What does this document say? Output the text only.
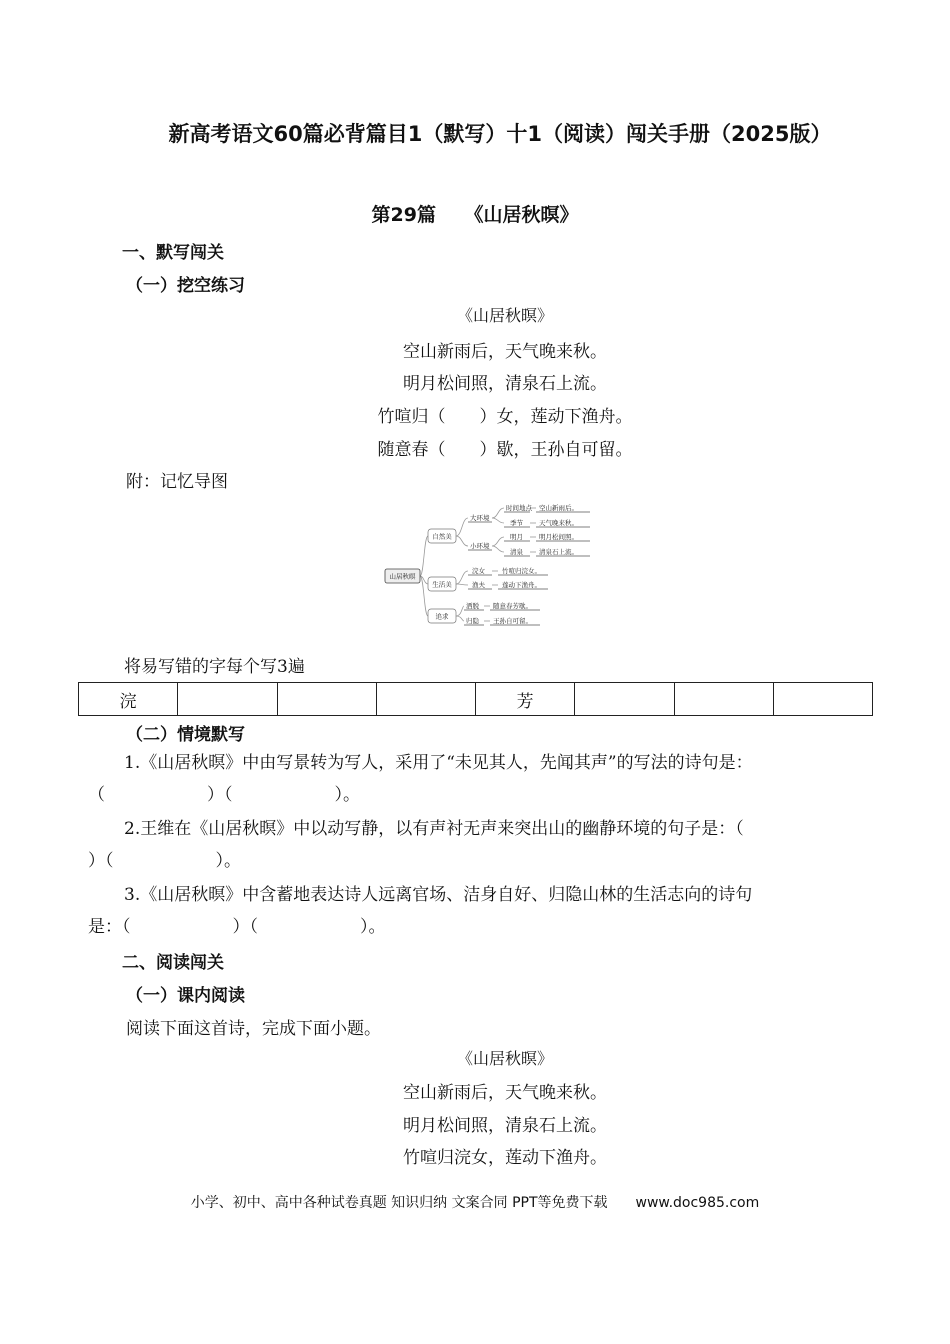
新高考语文60篇必背篇目1（默写）十1（阅读）闯关手册（2025版）
第29篇　　《山居秋暝》
一、默写闯关
（一）挖空练习
《山居秋暝》
空山新雨后，天气晚来秋。
明月松间照，清泉石上流。
竹喧归（　　）女，莲动下渔舟。
随意春（　　）歇，王孙自可留。
附：记忆导图
山居秋暝
自然美
生活美
追求
大环境
小环境
时间地点
季节
明月
清泉
空山新雨后。
天气晚来秋。
明月松间照。
清泉石上流。
浣女
渔夫
竹喧归浣女。
莲动下渔舟。
洒脱
归隐
随意春芳歇。
王孙自可留。
将易写错的字每个写3遍
浣				芳			
（二）情境默写
1.《山居秋暝》中由写景转为写人，采用了“未见其人，先闻其声”的写法的诗句是：
（　　　　　　）（　　　　　　）。
2.王维在《山居秋暝》中以动写静，以有声衬无声来突出山的幽静环境的句子是：（
）（　　　　　　）。
3.《山居秋暝》中含蓄地表达诗人远离官场、洁身自好、归隐山林的生活志向的诗句
是：（　　　　　　）（　　　　　　）。
二、阅读闯关
（一）课内阅读
阅读下面这首诗，完成下面小题。
《山居秋暝》
空山新雨后，天气晚来秋。
明月松间照，清泉石上流。
竹喧归浣女，莲动下渔舟。
小学、初中、高中各种试卷真题 知识归纳 文案合同 PPT等免费下载　　www.doc985.com
